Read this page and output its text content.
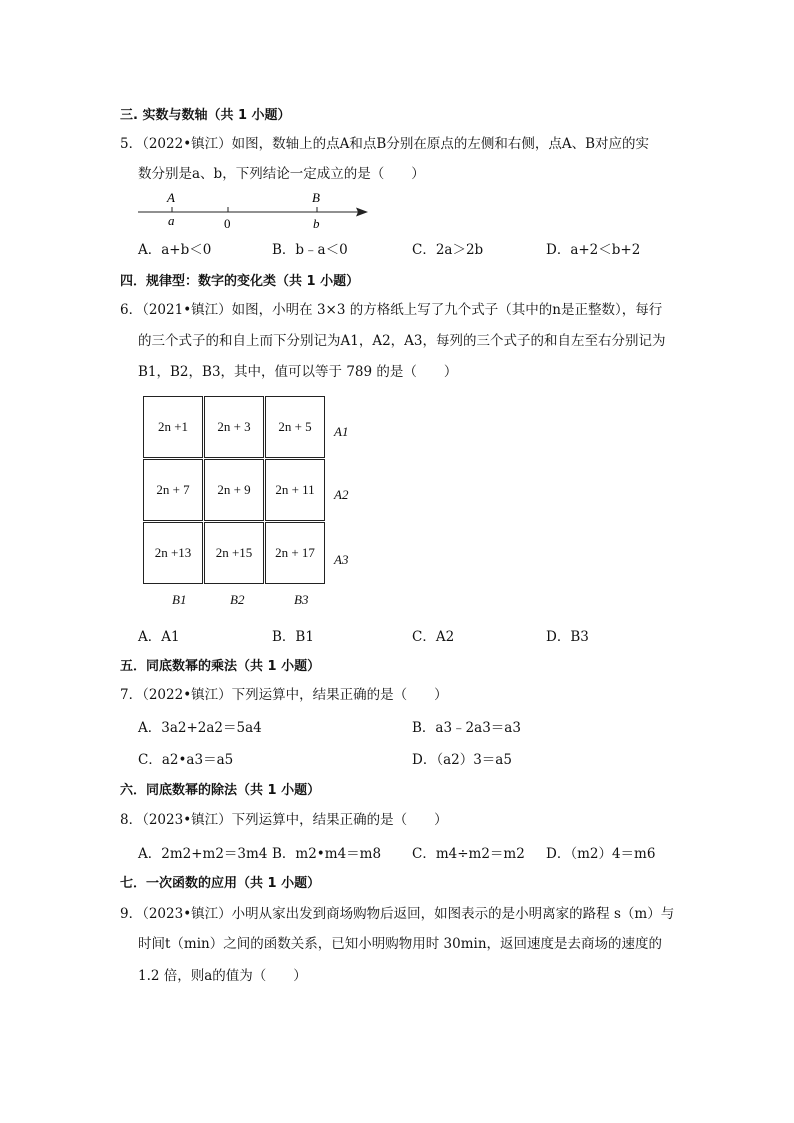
三. 实数与数轴（共 1 小题）
5．（2022•镇江）如图，数轴上的点A和点B分别在原点的左侧和右侧，点A、B对应的实
数分别是a、b，下列结论一定成立的是（　　）
A	B
a	0	b
A．a+b＜0	B．b﹣a＜0	C．2a＞2b	D．a+2＜b+2
四．规律型：数字的变化类（共 1 小题）
6．（2021•镇江）如图，小明在 3×3 的方格纸上写了九个式子（其中的n是正整数），每行
的三个式子的和自上而下分别记为A1，A2，A3，每列的三个式子的和自左至右分别记为
B1，B2，B3，其中，值可以等于 789 的是（　　）
2n +1	2n + 3	2n + 5
2n + 7	2n + 9	2n + 11
2n +13	2n +15	2n + 17
A1
A2
A3
B1	B2	B3
A．A1	B．B1	C．A2	D．B3
五．同底数幂的乘法（共 1 小题）
7．（2022•镇江）下列运算中，结果正确的是（　　）
A．3a2+2a2＝5a4	B．a3﹣2a3＝a3
C．a2•a3＝a5	D．（a2）3＝a5
六．同底数幂的除法（共 1 小题）
8．（2023•镇江）下列运算中，结果正确的是（　　）
A．2m2+m2＝3m4 B．m2•m4＝m8 C．m4÷m2＝m2 D．（m2）4＝m6
七．一次函数的应用（共 1 小题）
9．（2023•镇江）小明从家出发到商场购物后返回，如图表示的是小明离家的路程 s（m）与
时间t（min）之间的函数关系，已知小明购物用时 30min，返回速度是去商场的速度的
1.2 倍，则a的值为（　　）
